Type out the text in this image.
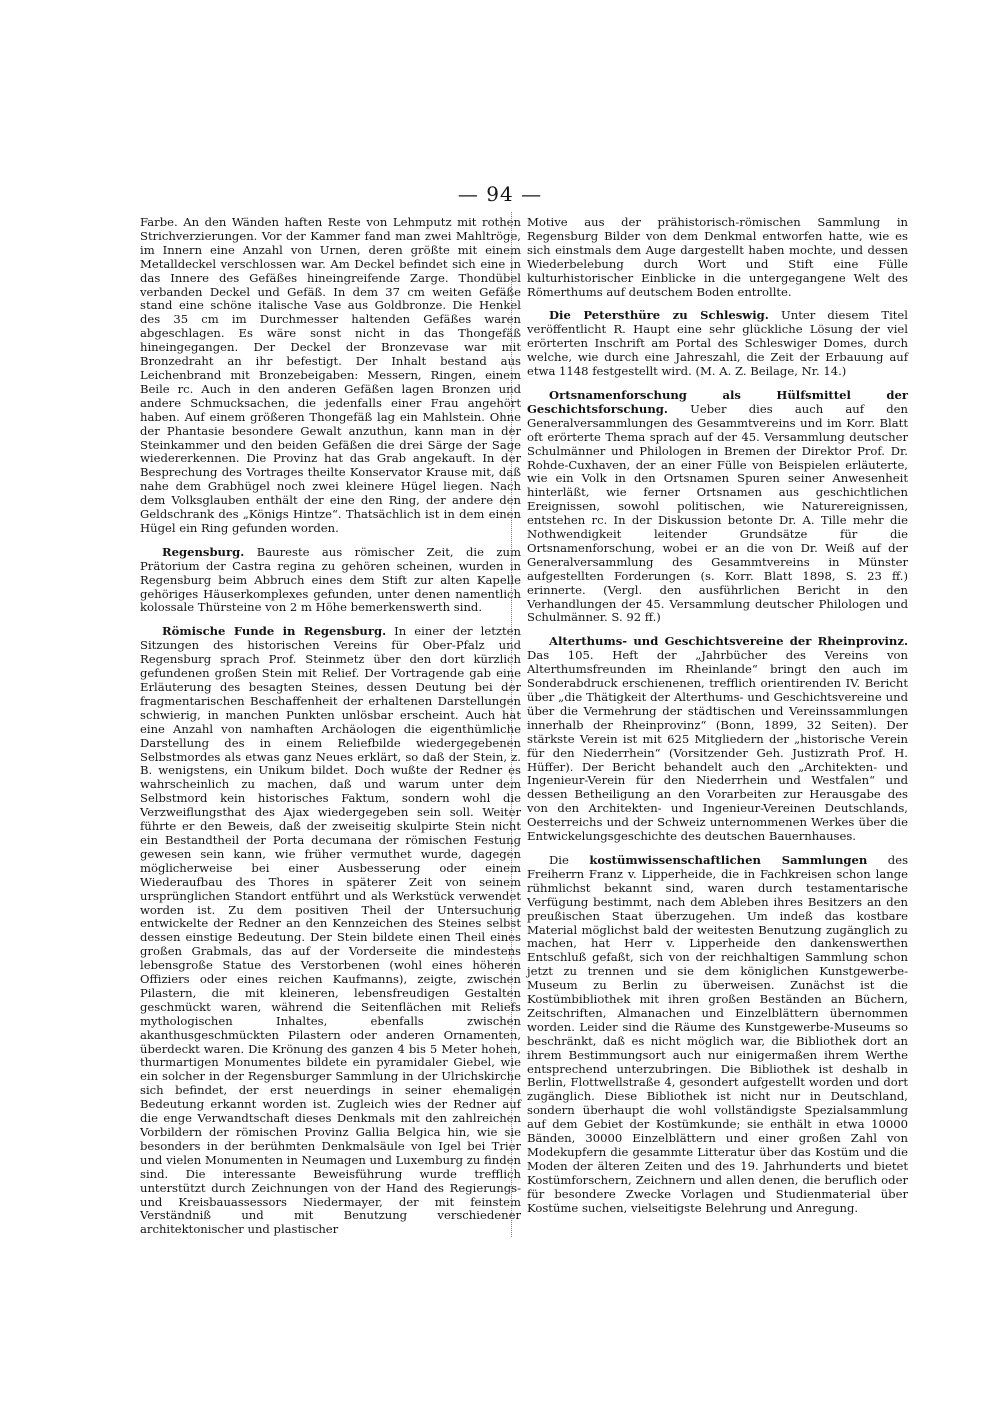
— 94 —

Farbe. An den Wänden haften Reste von Lehmputz mit rothen Strichverzierungen. Vor der Kammer fand man zwei Mahltröge, im Innern eine Anzahl von Urnen, deren größte mit einem Metalldeckel verschlossen war. Am Deckel befindet sich eine in das Innere des Gefäßes hineingreifende Zarge. Thondübel verbanden Deckel und Gefäß. In dem 37 cm weiten Gefäße stand eine schöne italische Vase aus Goldbronze. Die Henkel des 35 cm im Durchmesser haltenden Gefäßes waren abgeschlagen. Es wäre sonst nicht in das Thongefäß hineingegangen. Der Deckel der Bronzevase war mit Bronzedraht an ihr befestigt. Der Inhalt bestand aus Leichenbrand mit Bronzebeigaben: Messern, Ringen, einem Beile rc. Auch in den anderen Gefäßen lagen Bronzen und andere Schmucksachen, die jedenfalls einer Frau angehört haben. Auf einem größeren Thongefäß lag ein Mahlstein. Ohne der Phantasie besondere Gewalt anzuthun, kann man in der Steinkammer und den beiden Gefäßen die drei Särge der Sage wiedererkennen. Die Provinz hat das Grab angekauft. In der Besprechung des Vortrages theilte Konservator Krause mit, daß nahe dem Grabhügel noch zwei kleinere Hügel liegen. Nach dem Volksglauben enthält der eine den Ring, der andere den Geldschrank des „Königs Hintze“. Thatsächlich ist in dem einen Hügel ein Ring gefunden worden.

Regensburg. Baureste aus römischer Zeit, die zum Prätorium der Castra regina zu gehören scheinen, wurden in Regensburg beim Abbruch eines dem Stift zur alten Kapelle gehöriges Häuserkomplexes gefunden, unter denen namentlich kolossale Thürsteine von 2 m Höhe bemerkenswerth sind.

Römische Funde in Regensburg. In einer der letzten Sitzungen des historischen Vereins für Ober-Pfalz und Regensburg sprach Prof. Steinmetz über den dort kürzlich gefundenen großen Stein mit Relief. Der Vortragende gab eine Erläuterung des besagten Steines, dessen Deutung bei der fragmentarischen Beschaffenheit der erhaltenen Darstellungen schwierig, in manchen Punkten unlösbar erscheint. Auch hat eine Anzahl von namhaften Archäologen die eigenthümliche Darstellung des in einem Reliefbilde wiedergegebenen Selbstmordes als etwas ganz Neues erklärt, so daß der Stein, z. B. wenigstens, ein Unikum bildet. Doch wußte der Redner es wahrscheinlich zu machen, daß und warum unter dem Selbstmord kein historisches Faktum, sondern wohl die Verzweiflungsthat des Ajax wiedergegeben sein soll. Weiter führte er den Beweis, daß der zweiseitig skulpirte Stein nicht ein Bestandtheil der Porta decumana der römischen Festung gewesen sein kann, wie früher vermuthet wurde, dagegen möglicherweise bei einer Ausbesserung oder einem Wiederaufbau des Thores in späterer Zeit von seinem ursprünglichen Standort entführt und als Werkstück verwendet worden ist. Zu dem positiven Theil der Untersuchung entwickelte der Redner an den Kennzeichen des Steines selbst dessen einstige Bedeutung. Der Stein bildete einen Theil eines großen Grabmals, das auf der Vorderseite die mindestens lebensgroße Statue des Verstorbenen (wohl eines höheren Offiziers oder eines reichen Kaufmanns), zeigte, zwischen Pilastern, die mit kleineren, lebensfreudigen Gestalten geschmückt waren, während die Seitenflächen mit Reliefs mythologischen Inhaltes, ebenfalls zwischen akanthusgeschmückten Pilastern oder anderen Ornamenten, überdeckt waren. Die Krönung des ganzen 4 bis 5 Meter hohen, thurmartigen Monumentes bildete ein pyramidaler Giebel, wie ein solcher in der Regensburger Sammlung in der Ulrichskirche sich befindet, der erst neuerdings in seiner ehemaligen Bedeutung erkannt worden ist. Zugleich wies der Redner auf die enge Verwandtschaft dieses Denkmals mit den zahlreichen Vorbildern der römischen Provinz Gallia Belgica hin, wie sie besonders in der berühmten Denkmalsäule von Igel bei Trier und vielen Monumenten in Neumagen und Luxemburg zu finden sind. Die interessante Beweisführung wurde trefflich unterstützt durch Zeichnungen von der Hand des Regierungs- und Kreisbauassessors Niedermayer, der mit feinstem Verständniß und mit Benutzung verschiedener architektonischer und plastischer

Motive aus der prähistorisch-römischen Sammlung in Regensburg Bilder von dem Denkmal entworfen hatte, wie es sich einstmals dem Auge dargestellt haben mochte, und dessen Wiederbelebung durch Wort und Stift eine Fülle kulturhistorischer Einblicke in die untergegangene Welt des Römerthums auf deutschem Boden entrollte.

Die Petersthüre zu Schleswig. Unter diesem Titel veröffentlicht R. Haupt eine sehr glückliche Lösung der viel erörterten Inschrift am Portal des Schleswiger Domes, durch welche, wie durch eine Jahreszahl, die Zeit der Erbauung auf etwa 1148 festgestellt wird. (M. A. Z. Beilage, Nr. 14.)

Ortsnamenforschung als Hülfsmittel der Geschichtsforschung. Ueber dies auch auf den Generalversammlungen des Gesammtvereins und im Korr. Blatt oft erörterte Thema sprach auf der 45. Versammlung deutscher Schulmänner und Philologen in Bremen der Direktor Prof. Dr. Rohde-Cuxhaven, der an einer Fülle von Beispielen erläuterte, wie ein Volk in den Ortsnamen Spuren seiner Anwesenheit hinterläßt, wie ferner Ortsnamen aus geschichtlichen Ereignissen, sowohl politischen, wie Naturereignissen, entstehen rc. In der Diskussion betonte Dr. A. Tille mehr die Nothwendigkeit leitender Grundsätze für die Ortsnamenforschung, wobei er an die von Dr. Weiß auf der Generalversammlung des Gesammtvereins in Münster aufgestellten Forderungen (s. Korr. Blatt 1898, S. 23 ff.) erinnerte. (Vergl. den ausführlichen Bericht in den Verhandlungen der 45. Versammlung deutscher Philologen und Schulmänner. S. 92 ff.)

Alterthums- und Geschichtsvereine der Rheinprovinz. Das 105. Heft der „Jahrbücher des Vereins von Alterthumsfreunden im Rheinlande“ bringt den auch im Sonderabdruck erschienenen, trefflich orientirenden IV. Bericht über „die Thätigkeit der Alterthums- und Geschichtsvereine und über die Vermehrung der städtischen und Vereinssammlungen innerhalb der Rheinprovinz“ (Bonn, 1899, 32 Seiten). Der stärkste Verein ist mit 625 Mitgliedern der „historische Verein für den Niederrhein“ (Vorsitzender Geh. Justizrath Prof. H. Hüffer). Der Bericht behandelt auch den „Architekten- und Ingenieur-Verein für den Niederrhein und Westfalen“ und dessen Betheiligung an den Vorarbeiten zur Herausgabe des von den Architekten- und Ingenieur-Vereinen Deutschlands, Oesterreichs und der Schweiz unternommenen Werkes über die Entwickelungsgeschichte des deutschen Bauernhauses.

Die kostümwissenschaftlichen Sammlungen des Freiherrn Franz v. Lipperheide, die in Fachkreisen schon lange rühmlichst bekannt sind, waren durch testamentarische Verfügung bestimmt, nach dem Ableben ihres Besitzers an den preußischen Staat überzugehen. Um indeß das kostbare Material möglichst bald der weitesten Benutzung zugänglich zu machen, hat Herr v. Lipperheide den dankenswerthen Entschluß gefaßt, sich von der reichhaltigen Sammlung schon jetzt zu trennen und sie dem königlichen Kunstgewerbe-Museum zu Berlin zu überweisen. Zunächst ist die Kostümbibliothek mit ihren großen Beständen an Büchern, Zeitschriften, Almanachen und Einzelblättern übernommen worden. Leider sind die Räume des Kunstgewerbe-Museums so beschränkt, daß es nicht möglich war, die Bibliothek dort an ihrem Bestimmungsort auch nur einigermaßen ihrem Werthe entsprechend unterzubringen. Die Bibliothek ist deshalb in Berlin, Flottwellstraße 4, gesondert aufgestellt worden und dort zugänglich. Diese Bibliothek ist nicht nur in Deutschland, sondern überhaupt die wohl vollständigste Spezialsammlung auf dem Gebiet der Kostümkunde; sie enthält in etwa 10000 Bänden, 30000 Einzelblättern und einer großen Zahl von Modekupfern die gesammte Litteratur über das Kostüm und die Moden der älteren Zeiten und des 19. Jahrhunderts und bietet Kostümforschern, Zeichnern und allen denen, die beruflich oder für besondere Zwecke Vorlagen und Studienmaterial über Kostüme suchen, vielseitigste Belehrung und Anregung.
